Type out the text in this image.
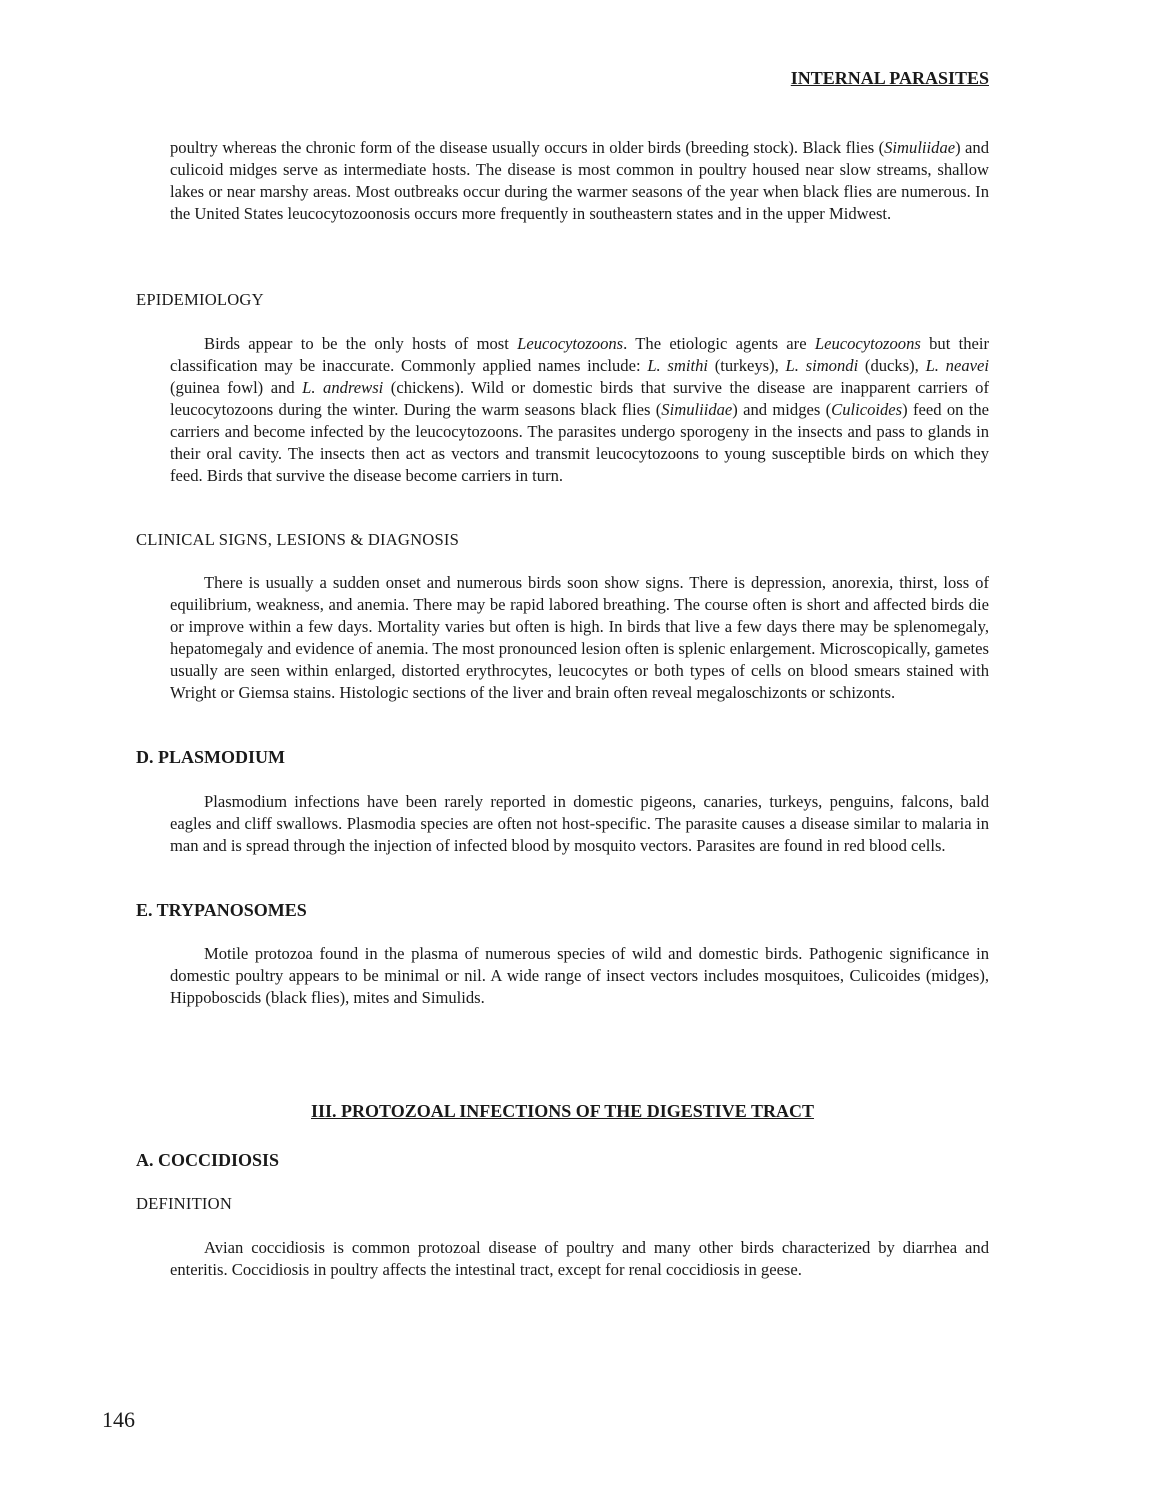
INTERNAL PARASITES

poultry whereas the chronic form of the disease usually occurs in older birds (breeding stock). Black flies (Simuliidae) and culicoid midges serve as intermediate hosts. The disease is most common in poultry housed near slow streams, shallow lakes or near marshy areas. Most outbreaks occur during the warmer seasons of the year when black flies are numerous. In the United States leucocytozoonosis occurs more frequently in southeastern states and in the upper Midwest.

EPIDEMIOLOGY

Birds appear to be the only hosts of most Leucocytozoons. The etiologic agents are Leucocytozoons but their classification may be inaccurate. Commonly applied names include: L. smithi (turkeys), L. simondi (ducks), L. neavei (guinea fowl) and L. andrewsi (chickens). Wild or domestic birds that survive the disease are inapparent carriers of leucocytozoons during the winter. During the warm seasons black flies (Simuliidae) and midges (Culicoides) feed on the carriers and become infected by the leucocytozoons. The parasites undergo sporogeny in the insects and pass to glands in their oral cavity. The insects then act as vectors and transmit leucocytozoons to young susceptible birds on which they feed. Birds that survive the disease become carriers in turn.

CLINICAL SIGNS, LESIONS & DIAGNOSIS

There is usually a sudden onset and numerous birds soon show signs. There is depression, anorexia, thirst, loss of equilibrium, weakness, and anemia. There may be rapid labored breathing. The course often is short and affected birds die or improve within a few days. Mortality varies but often is high. In birds that live a few days there may be splenomegaly, hepatomegaly and evidence of anemia. The most pronounced lesion often is splenic enlargement. Microscopically, gametes usually are seen within enlarged, distorted erythrocytes, leucocytes or both types of cells on blood smears stained with Wright or Giemsa stains. Histologic sections of the liver and brain often reveal megaloschizonts or schizonts.

D. PLASMODIUM

Plasmodium infections have been rarely reported in domestic pigeons, canaries, turkeys, penguins, falcons, bald eagles and cliff swallows. Plasmodia species are often not host-specific. The parasite causes a disease similar to malaria in man and is spread through the injection of infected blood by mosquito vectors. Parasites are found in red blood cells.

E. TRYPANOSOMES

Motile protozoa found in the plasma of numerous species of wild and domestic birds. Pathogenic significance in domestic poultry appears to be minimal or nil. A wide range of insect vectors includes mosquitoes, Culicoides (midges), Hippoboscids (black flies), mites and Simulids.

III. PROTOZOAL INFECTIONS OF THE DIGESTIVE TRACT
A. COCCIDIOSIS
DEFINITION

Avian coccidiosis is common protozoal disease of poultry and many other birds characterized by diarrhea and enteritis. Coccidiosis in poultry affects the intestinal tract, except for renal coccidiosis in geese.

146
